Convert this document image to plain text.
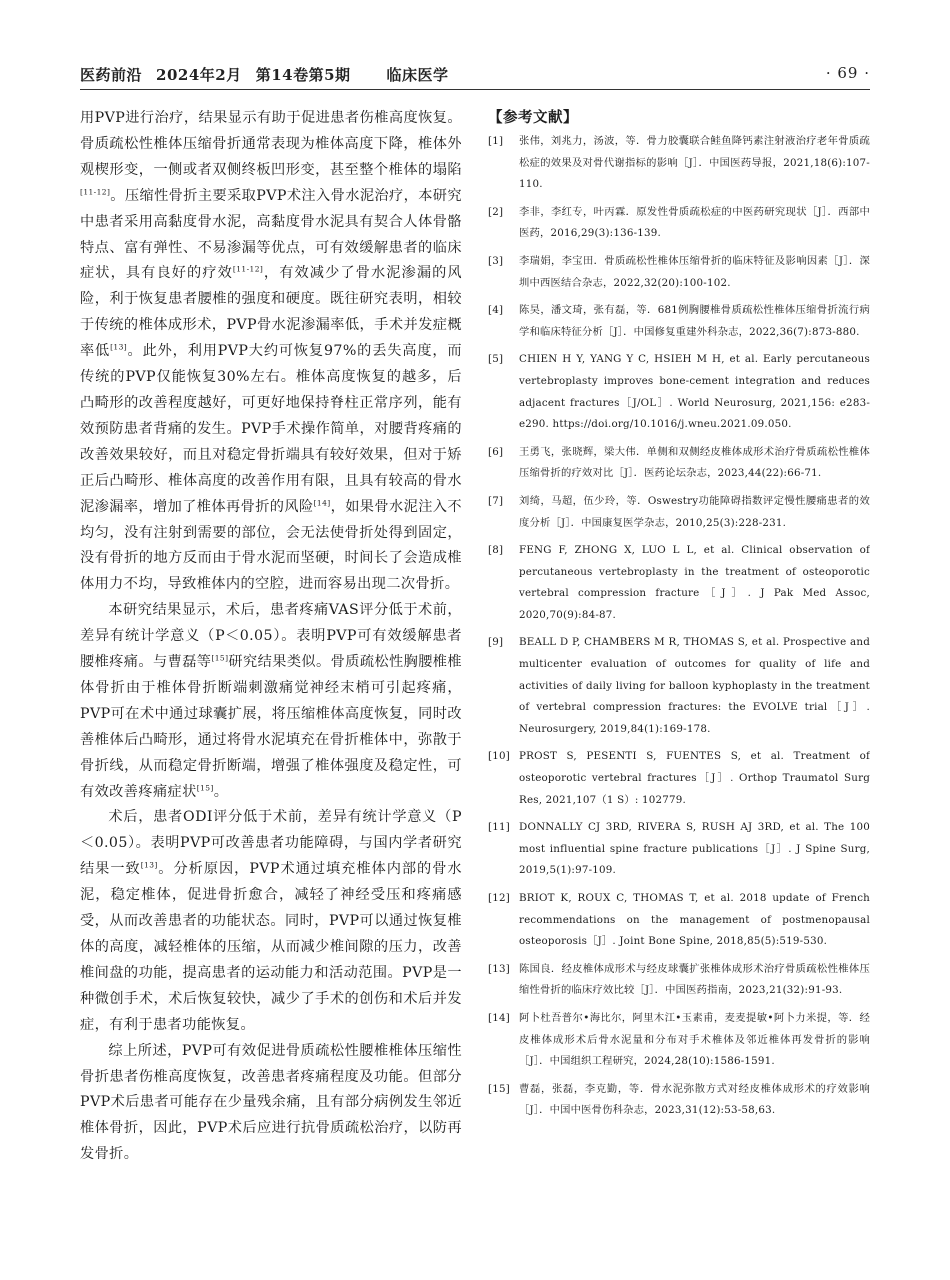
医药前沿 2024年2月 第14卷第5期 临床医学	· 69 ·

用PVP进行治疗，结果显示有助于促进患者伤椎高度恢复。骨质疏松性椎体压缩骨折通常表现为椎体高度下降，椎体外观楔形变，一侧或者双侧终板凹形变，甚至整个椎体的塌陷[11-12]。压缩性骨折主要采取PVP术注入骨水泥治疗，本研究中患者采用高黏度骨水泥，高黏度骨水泥具有契合人体骨骼特点、富有弹性、不易渗漏等优点，可有效缓解患者的临床症状，具有良好的疗效[11-12]，有效减少了骨水泥渗漏的风险，利于恢复患者腰椎的强度和硬度。既往研究表明，相较于传统的椎体成形术，PVP骨水泥渗漏率低，手术并发症概率低[13]。此外，利用PVP大约可恢复97%的丢失高度，而传统的PVP仅能恢复30%左右。椎体高度恢复的越多，后凸畸形的改善程度越好，可更好地保持脊柱正常序列，能有效预防患者背痛的发生。PVP手术操作简单，对腰背疼痛的改善效果较好，而且对稳定骨折端具有较好效果，但对于矫正后凸畸形、椎体高度的改善作用有限，且具有较高的骨水泥渗漏率，增加了椎体再骨折的风险[14]，如果骨水泥注入不均匀，没有注射到需要的部位，会无法使骨折处得到固定，没有骨折的地方反而由于骨水泥而坚硬，时间长了会造成椎体用力不均，导致椎体内的空腔，进而容易出现二次骨折。

本研究结果显示，术后，患者疼痛VAS评分低于术前，差异有统计学意义（P＜0.05）。表明PVP可有效缓解患者腰椎疼痛。与曹磊等[15]研究结果类似。骨质疏松性胸腰椎椎体骨折由于椎体骨折断端刺激痛觉神经末梢可引起疼痛，PVP可在术中通过球囊扩展，将压缩椎体高度恢复，同时改善椎体后凸畸形，通过将骨水泥填充在骨折椎体中，弥散于骨折线，从而稳定骨折断端，增强了椎体强度及稳定性，可有效改善疼痛症状[15]。

术后，患者ODI评分低于术前，差异有统计学意义（P＜0.05）。表明PVP可改善患者功能障碍，与国内学者研究结果一致[13]。分析原因，PVP术通过填充椎体内部的骨水泥，稳定椎体，促进骨折愈合，减轻了神经受压和疼痛感受，从而改善患者的功能状态。同时，PVP可以通过恢复椎体的高度，减轻椎体的压缩，从而减少椎间隙的压力，改善椎间盘的功能，提高患者的运动能力和活动范围。PVP是一种微创手术，术后恢复较快，减少了手术的创伤和术后并发症，有利于患者功能恢复。

综上所述，PVP可有效促进骨质疏松性腰椎椎体压缩性骨折患者伤椎高度恢复，改善患者疼痛程度及功能。但部分PVP术后患者可能存在少量残余痛，且有部分病例发生邻近椎体骨折，因此，PVP术后应进行抗骨质疏松治疗，以防再发骨折。

【参考文献】
[1] 张伟，刘兆力，汤波，等．骨力胶囊联合鲑鱼降钙素注射液治疗老年骨质疏松症的效果及对骨代谢指标的影响［J］．中国医药导报，2021,18(6):107-110.
[2] 李非，李红专，叶丙霖．原发性骨质疏松症的中医药研究现状［J］．西部中医药，2016,29(3):136-139.
[3] 李瑞娟，李宝田．骨质疏松性椎体压缩骨折的临床特征及影响因素［J］．深圳中西医结合杂志，2022,32(20):100-102.
[4] 陈昊，潘文琦，张有磊，等．681例胸腰椎骨质疏松性椎体压缩骨折流行病学和临床特征分析［J］．中国修复重建外科杂志，2022,36(7):873-880.
[5] CHIEN H Y, YANG Y C, HSIEH M H, et al. Early percutaneous vertebroplasty improves bone-cement integration and reduces adjacent fractures［J/OL］. World Neurosurg, 2021,156: e283-e290. https://doi.org/10.1016/j.wneu.2021.09.050.
[6] 王勇飞，张晓辉，梁大伟．单侧和双侧经皮椎体成形术治疗骨质疏松性椎体压缩骨折的疗效对比［J］．医药论坛杂志，2023,44(22):66-71.
[7] 刘绮，马超，伍少玲，等．Oswestry功能障碍指数评定慢性腰痛患者的效度分析［J］．中国康复医学杂志，2010,25(3):228-231.
[8] FENG F, ZHONG X, LUO L L, et al. Clinical observation of percutaneous vertebroplasty in the treatment of osteoporotic vertebral compression fracture［J］. J Pak Med Assoc, 2020,70(9):84-87.
[9] BEALL D P, CHAMBERS M R, THOMAS S, et al. Prospective and multicenter evaluation of outcomes for quality of life and activities of daily living for balloon kyphoplasty in the treatment of vertebral compression fractures: the EVOLVE trial［J］. Neurosurgery, 2019,84(1):169-178.
[10] PROST S, PESENTI S, FUENTES S, et al. Treatment of osteoporotic vertebral fractures［J］. Orthop Traumatol Surg Res, 2021,107（1 S）: 102779.
[11] DONNALLY CJ 3RD, RIVERA S, RUSH AJ 3RD, et al. The 100 most influential spine fracture publications［J］. J Spine Surg, 2019,5(1):97-109.
[12] BRIOT K, ROUX C, THOMAS T, et al. 2018 update of French recommendations on the management of postmenopausal osteoporosis［J］. Joint Bone Spine, 2018,85(5):519-530.
[13] 陈国良．经皮椎体成形术与经皮球囊扩张椎体成形术治疗骨质疏松性椎体压缩性骨折的临床疗效比较［J］．中国医药指南，2023,21(32):91-93.
[14] 阿卜杜吾普尔•海比尔，阿里木江•玉素甫，麦麦提敏•阿卜力米提，等．经皮椎体成形术后骨水泥量和分布对手术椎体及邻近椎体再发骨折的影响［J］．中国组织工程研究，2024,28(10):1586-1591.
[15] 曹磊，张磊，李克勤，等．骨水泥弥散方式对经皮椎体成形术的疗效影响［J］．中国中医骨伤科杂志，2023,31(12):53-58,63.
